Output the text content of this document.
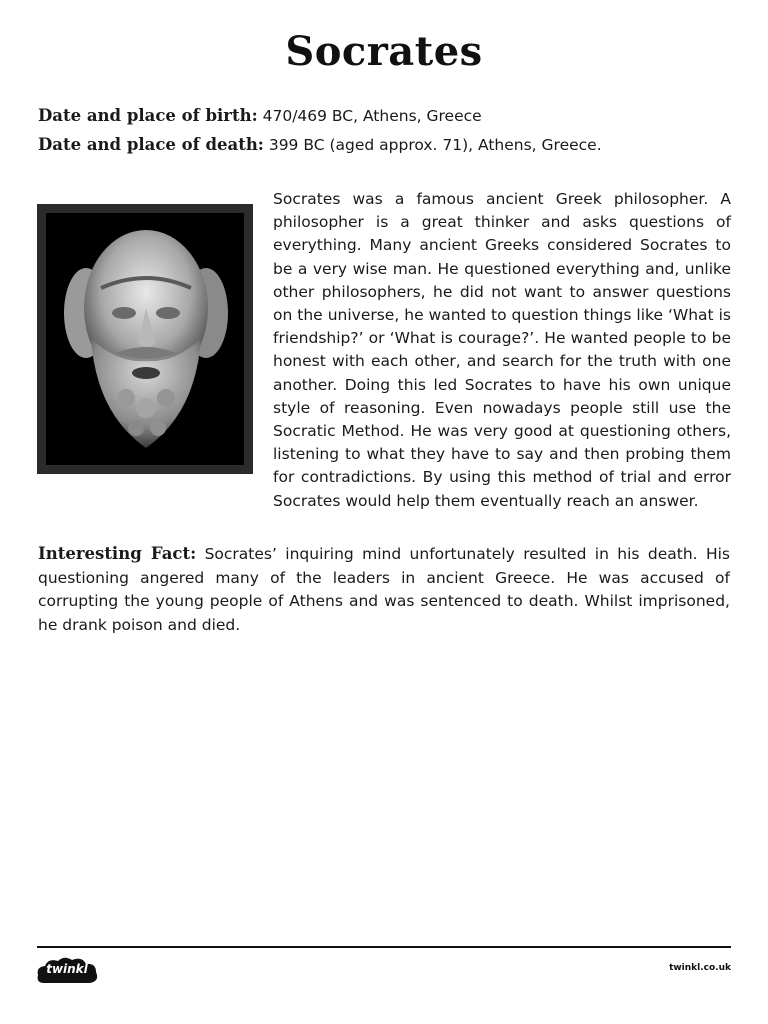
Socrates
Date and place of birth: 470/469 BC, Athens, Greece
Date and place of death: 399 BC (aged approx. 71), Athens, Greece.
Socrates was a famous ancient Greek philosopher. A philosopher is a great thinker and asks questions of everything. Many ancient Greeks considered Socrates to be a very wise man. He questioned everything and, unlike other philosophers, he did not want to answer questions on the universe, he wanted to question things like ‘What is friendship?’ or ‘What is courage?’. He wanted people to be honest with each other, and search for the truth with one another. Doing this led Socrates to have his own unique style of reasoning. Even nowadays people still use the Socratic Method. He was very good at questioning others, listening to what they have to say and then probing them for contradictions. By using this method of trial and error Socrates would help them eventually reach an answer.
Interesting Fact: Socrates’ inquiring mind unfortunately resulted in his death. His questioning angered many of the leaders in ancient Greece. He was accused of corrupting the young people of Athens and was sentenced to death. Whilst imprisoned, he drank poison and died.
twinkl	twinkl.co.uk
